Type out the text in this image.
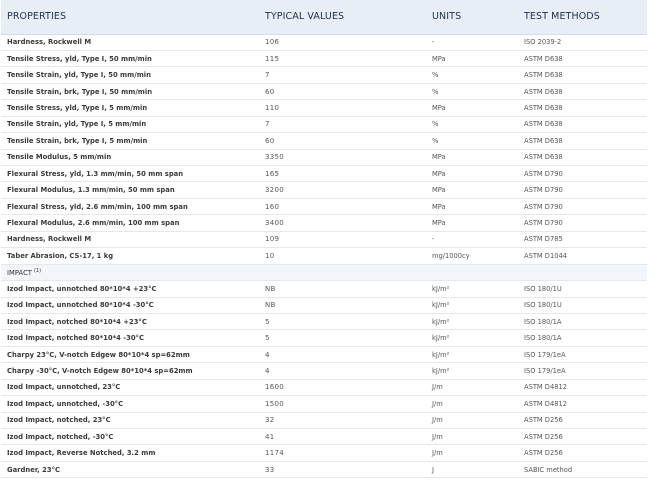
PROPERTIES	TYPICAL VALUES	UNITS	TEST METHODS
Hardness, Rockwell M	106	-	ISO 2039-2
Tensile Stress, yld, Type I, 50 mm/min	115	MPa	ASTM D638
Tensile Strain, yld, Type I, 50 mm/min	7	%	ASTM D638
Tensile Strain, brk, Type I, 50 mm/min	60	%	ASTM D638
Tensile Stress, yld, Type I, 5 mm/min	110	MPa	ASTM D638
Tensile Strain, yld, Type I, 5 mm/min	7	%	ASTM D638
Tensile Strain, brk, Type I, 5 mm/min	60	%	ASTM D638
Tensile Modulus, 5 mm/min	3350	MPa	ASTM D638
Flexural Stress, yld, 1.3 mm/min, 50 mm span	165	MPa	ASTM D790
Flexural Modulus, 1.3 mm/min, 50 mm span	3200	MPa	ASTM D790
Flexural Stress, yld, 2.6 mm/min, 100 mm span	160	MPa	ASTM D790
Flexural Modulus, 2.6 mm/min, 100 mm span	3400	MPa	ASTM D790
Hardness, Rockwell M	109	-	ASTM D785
Taber Abrasion, CS-17, 1 kg	10	mg/1000cy	ASTM D1044
IMPACT $^{(1)}$
Izod Impact, unnotched 80*10*4 +23°C	NB	kJ/m²	ISO 180/1U
Izod Impact, unnotched 80*10*4 -30°C	NB	kJ/m²	ISO 180/1U
Izod Impact, notched 80*10*4 +23°C	5	kJ/m²	ISO 180/1A
Izod Impact, notched 80*10*4 -30°C	5	kJ/m²	ISO 180/1A
Charpy 23°C, V-notch Edgew 80*10*4 sp=62mm	4	kJ/m²	ISO 179/1eA
Charpy -30°C, V-notch Edgew 80*10*4 sp=62mm	4	kJ/m²	ISO 179/1eA
Izod Impact, unnotched, 23°C	1600	J/m	ASTM D4812
Izod Impact, unnotched, -30°C	1500	J/m	ASTM D4812
Izod Impact, notched, 23°C	32	J/m	ASTM D256
Izod Impact, notched, -30°C	41	J/m	ASTM D256
Izod Impact, Reverse Notched, 3.2 mm	1174	J/m	ASTM D256
Gardner, 23°C	33	J	SABIC method
